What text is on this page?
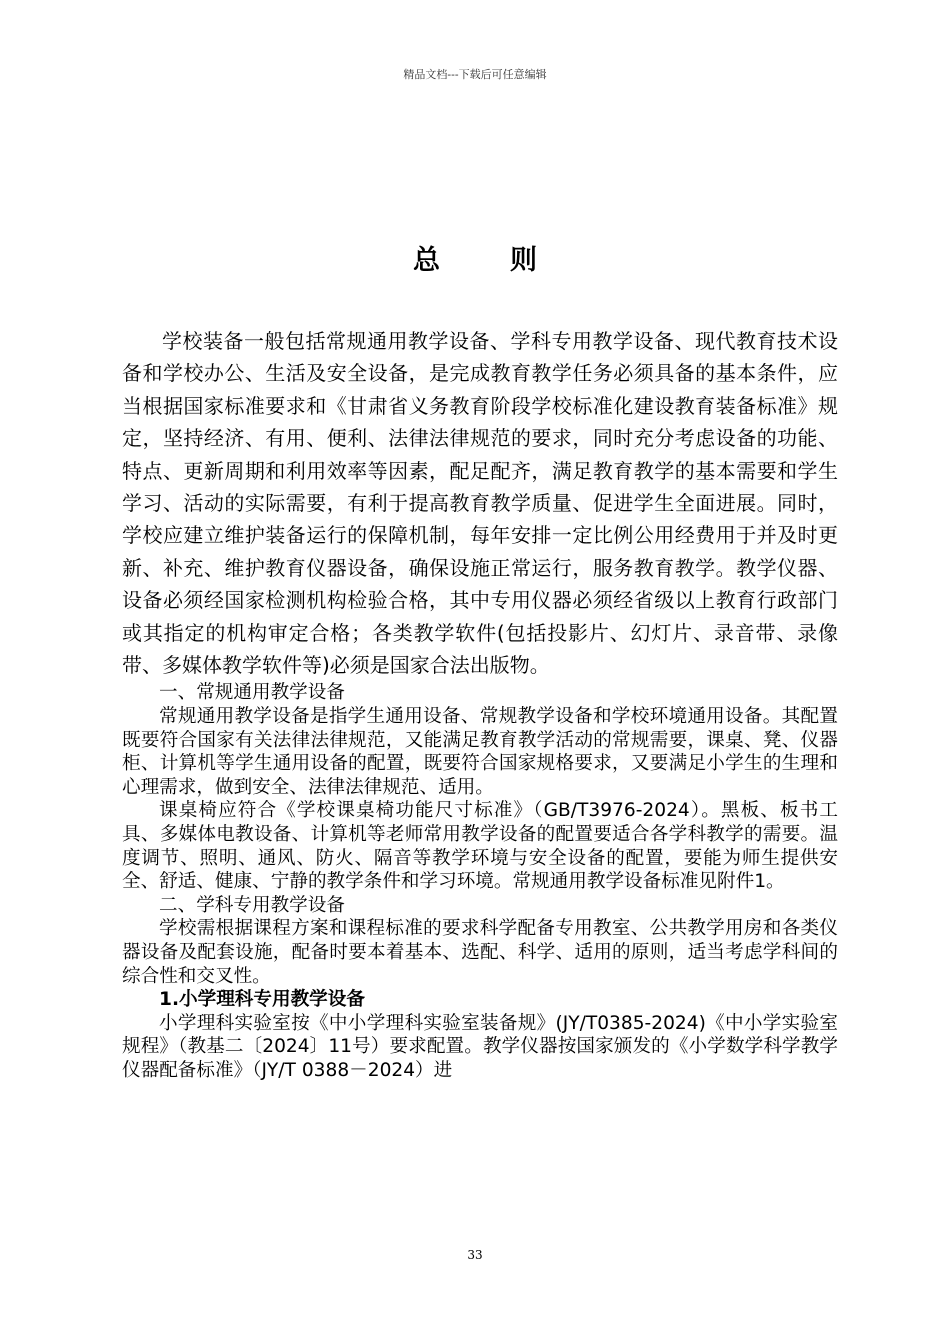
精品文档---下载后可任意编辑
总则

学校装备一般包括常规通用教学设备、学科专用教学设备、现代教育技术设备和学校办公、生活及安全设备，是完成教育教学任务必须具备的基本条件，应当根据国家标准要求和《甘肃省义务教育阶段学校标准化建设教育装备标准》规定，坚持经济、有用、便利、法律法律规范的要求，同时充分考虑设备的功能、特点、更新周期和利用效率等因素，配足配齐，满足教育教学的基本需要和学生学习、活动的实际需要，有利于提高教育教学质量、促进学生全面进展。同时，学校应建立维护装备运行的保障机制，每年安排一定比例公用经费用于并及时更新、补充、维护教育仪器设备，确保设施正常运行，服务教育教学。教学仪器、设备必须经国家检测机构检验合格，其中专用仪器必须经省级以上教育行政部门或其指定的机构审定合格；各类教学软件(包括投影片、幻灯片、录音带、录像带、多媒体教学软件等)必须是国家合法出版物。

一、常规通用教学设备

常规通用教学设备是指学生通用设备、常规教学设备和学校环境通用设备。其配置既要符合国家有关法律法律规范，又能满足教育教学活动的常规需要，课桌、凳、仪器柜、计算机等学生通用设备的配置，既要符合国家规格要求，又要满足小学生的生理和心理需求，做到安全、法律法律规范、适用。

课桌椅应符合《学校课桌椅功能尺寸标准》（GB/T3976-2024）。黑板、板书工具、多媒体电教设备、计算机等老师常用教学设备的配置要适合各学科教学的需要。温度调节、照明、通风、防火、隔音等教学环境与安全设备的配置，要能为师生提供安全、舒适、健康、宁静的教学条件和学习环境。常规通用教学设备标准见附件1。

二、学科专用教学设备

学校需根据课程方案和课程标准的要求科学配备专用教室、公共教学用房和各类仪器设备及配套设施，配备时要本着基本、选配、科学、适用的原则，适当考虑学科间的综合性和交叉性。

1.小学理科专用教学设备

小学理科实验室按《中小学理科实验室装备规》(JY/T0385-2024)《中小学实验室规程》（教基二〔2024〕11号）要求配置。教学仪器按国家颁发的《小学数学科学教学仪器配备标准》（JY/T 0388－2024）进

33
